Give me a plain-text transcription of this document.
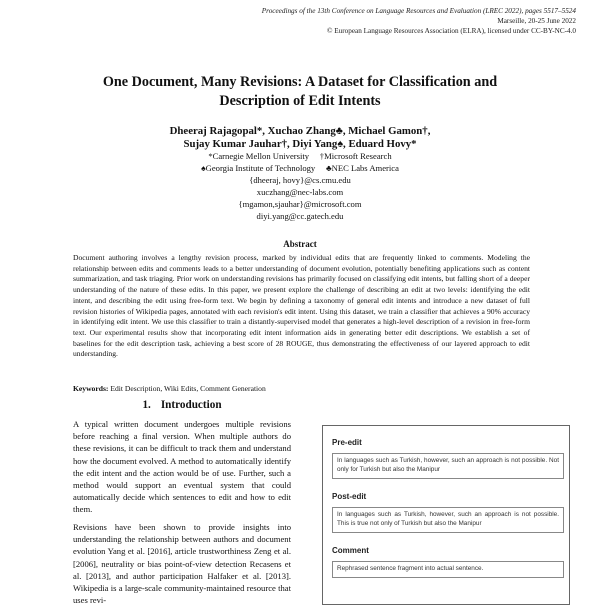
Proceedings of the 13th Conference on Language Resources and Evaluation (LREC 2022), pages 5517–5524
Marseille, 20-25 June 2022
© European Language Resources Association (ELRA), licensed under CC-BY-NC-4.0
One Document, Many Revisions: A Dataset for Classification and
Description of Edit Intents
Dheeraj Rajagopal*, Xuchao Zhang♣, Michael Gamon†,
Sujay Kumar Jauhar†, Diyi Yang♠, Eduard Hovy*
*Carnegie Mellon University     †Microsoft Research
♠Georgia Institute of Technology     ♣NEC Labs America
{dheeraj, hovy}@cs.cmu.edu
xuczhang@nec-labs.com
{mgamon,sjauhar}@microsoft.com
diyi.yang@cc.gatech.edu
Abstract
Document authoring involves a lengthy revision process, marked by individual edits that are frequently linked to comments. Modeling the relationship between edits and comments leads to a better understanding of document evolution, potentially benefiting applications such as content summarization, and task triaging. Prior work on understanding revisions has primarily focused on classifying edit intents, but falling short of a deeper understanding of the nature of these edits. In this paper, we present explore the challenge of describing an edit at two levels: identifying the edit intent, and describing the edit using free-form text. We begin by defining a taxonomy of general edit intents and introduce a new dataset of full revision histories of Wikipedia pages, annotated with each revision's edit intent. Using this dataset, we train a classifier that achieves a 90% accuracy in identifying edit intent. We use this classifier to train a distantly-supervised model that generates a high-level description of a revision in free-form text. Our experimental results show that incorporating edit intent information aids in generating better edit descriptions. We establish a set of baselines for the edit description task, achieving a best score of 28 ROUGE, thus demonstrating the effectiveness of our layered approach to edit understanding.
Keywords: Edit Description, Wiki Edits, Comment Generation
1. Introduction
A typical written document undergoes multiple revisions before reaching a final version. When multiple authors do these revisions, it can be difficult to track them and understand how the document evolved. A method to automatically identify the edit intent and the action would be of use. Further, such a method would support an eventual system that could automatically decide which sentences to edit and how to edit them.
Revisions have been shown to provide insights into understanding the relationship between authors and document evolution Yang et al. [2016], article trustworthiness Zeng et al. [2006], neutrality or bias point-of-view detection Recasens et al. [2013], and author participation Halfaker et al. [2013]. Wikipedia is a large-scale community-maintained resource that uses revi-
Pre-edit
In languages such as Turkish, however, such an approach is not possible. Not only for Turkish but also the Manipur
Post-edit
In languages such as Turkish, however, such an approach is not possible. This is true not only of Turkish but also the Manipur
Comment
Rephrased sentence fragment into actual sentence.
